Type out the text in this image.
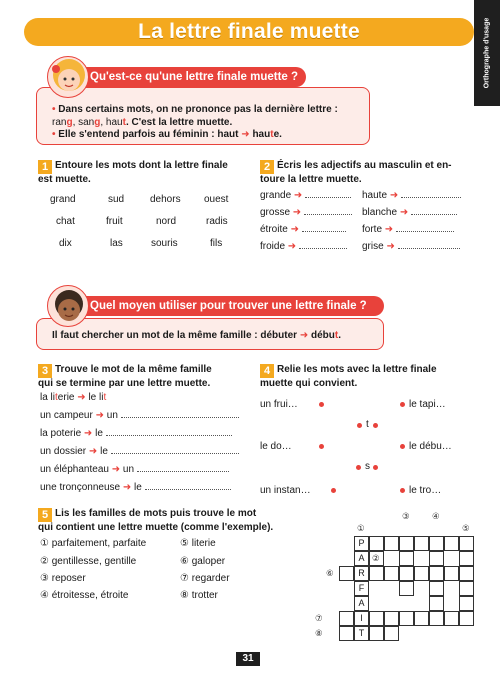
Orthographe d'usage
La lettre finale muette
Qu'est-ce qu'une lettre finale muette ?
• Dans certains mots, on ne prononce pas la dernière lettre :
rang, sang, haut. C'est la lettre muette.
• Elle s'entend parfois au féminin : haut ➜ haute.
1 Entoure les mots dont la lettre finale
est muette.
grand	sud	dehors ouest
chat	fruit	nord	radis
dix	las	souris	fils
2 Écris les adjectifs au masculin et en-
toure la lettre muette.
grande ➜
grosse ➜
étroite ➜
froide ➜
haute ➜
blanche ➜
forte ➜
grise ➜
Quel moyen utiliser pour trouver une lettre finale ?
Il faut chercher un mot de la même famille : débuter ➜ début.
3 Trouve le mot de la même famille
qui se termine par une lettre muette.
la literie ➜ le lit
un campeur ➜ un
la poterie ➜ le
un dossier ➜ le
un éléphanteau ➜ un
une tronçonneuse ➜ le
4 Relie les mots avec la lettre finale
muette qui convient.
un frui…	le tapi…
t
le do…	le débu…
s
un instan…	le tro…
5 Lis les familles de mots puis trouve le mot
qui contient une lettre muette (comme l'exemple).
① parfaitement, parfaite
② gentillesse, gentille
③ reposer
④ étroitesse, étroite
⑤ literie
⑥ galoper
⑦ regarder
⑧ trotter
P
A
R
F
A
I
T
①
②
③	④
⑤
⑥
⑦
⑧
31
